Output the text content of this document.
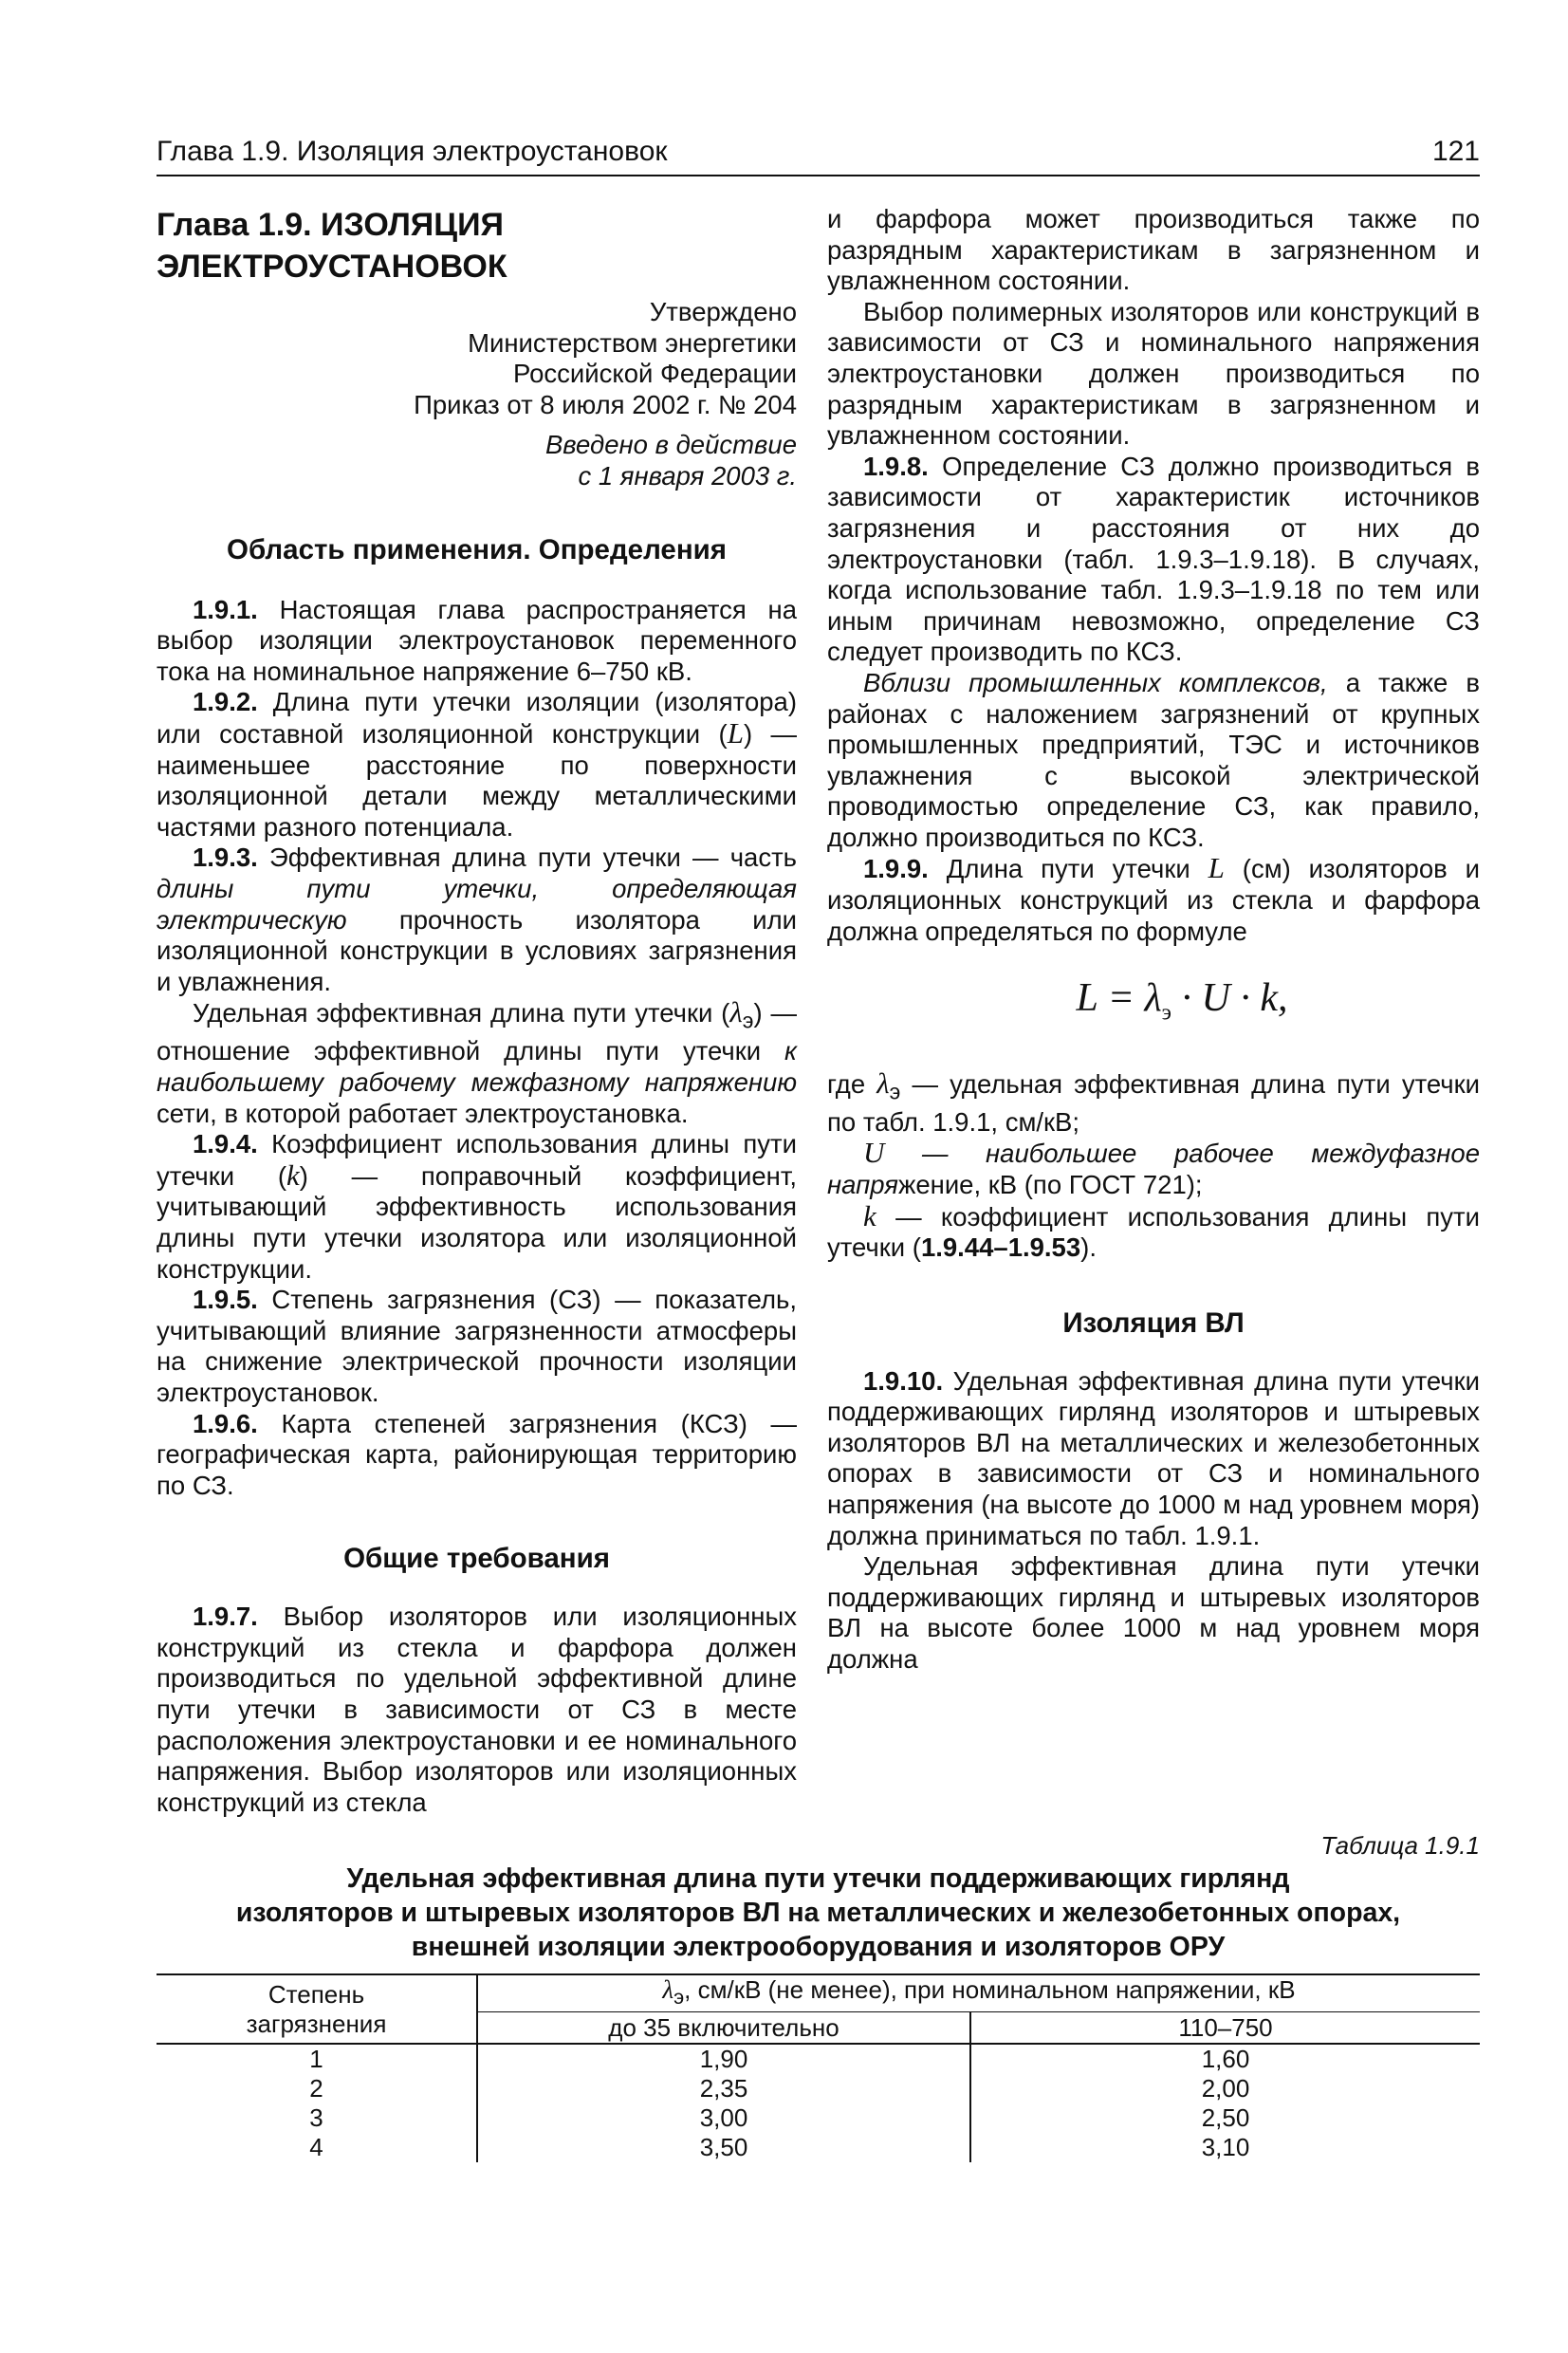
Глава 1.9. Изоляция электроустановок	121
Глава 1.9. ИЗОЛЯЦИЯ ЭЛЕКТРОУСТАНОВОК

Утверждено

Министерством энергетики

Российской Федерации

Приказ от 8 июля 2002 г. № 204

Введено в действие

с 1 января 2003 г.

Область применения. Определения

1.9.1. Настоящая глава распространяется на выбор изоляции электроустановок переменного тока на номинальное напряжение 6–750 кВ.

1.9.2. Длина пути утечки изоляции (изолятора) или составной изоляционной конструкции (L) — наименьшее расстояние по поверхности изоляционной детали между металлическими частями разного потенциала.

1.9.3. Эффективная длина пути утечки — часть длины пути утечки, определяющая электрическую прочность изолятора или изоляционной конструкции в условиях загрязнения и увлажнения.

Удельная эффективная длина пути утечки $(\lambda_э)$ — отношение эффективной длины пути утечки к наибольшему рабочему межфазному напряжению сети, в которой работает электроустановка.

1.9.4. Коэффициент использования длины пути утечки (k) — поправочный коэффициент, учитывающий эффективность использования длины пути утечки изолятора или изоляционной конструкции.

1.9.5. Степень загрязнения (СЗ) — показатель, учитывающий влияние загрязненности атмосферы на снижение электрической прочности изоляции электроустановок.

1.9.6. Карта степеней загрязнения (КСЗ) — географическая карта, районирующая территорию по СЗ.

Общие требования

1.9.7. Выбор изоляторов или изоляционных конструкций из стекла и фарфора должен производиться по удельной эффективной длине пути утечки в зависимости от СЗ в месте расположения электроустановки и ее номинального напряжения. Выбор изоляторов или изоляционных конструкций из стекла

и фарфора может производиться также по разрядным характеристикам в загрязненном и увлажненном состоянии.

Выбор полимерных изоляторов или конструкций в зависимости от СЗ и номинального напряжения электроустановки должен производиться по разрядным характеристикам в загрязненном и увлажненном состоянии.

1.9.8. Определение СЗ должно производиться в зависимости от характеристик источников загрязнения и расстояния от них до электроустановки (табл. 1.9.3–1.9.18). В случаях, когда использование табл. 1.9.3–1.9.18 по тем или иным причинам невозможно, определение СЗ следует производить по КСЗ.

Вблизи промышленных комплексов, а также в районах с наложением загрязнений от крупных промышленных предприятий, ТЭС и источников увлажнения с высокой электрической проводимостью определение СЗ, как правило, должно производиться по КСЗ.

1.9.9. Длина пути утечки L (см) изоляторов и изоляционных конструкций из стекла и фарфора должна определяться по формуле

$L = \lambda_э \cdot U \cdot k$,

где $\lambda_э$ — удельная эффективная длина пути утечки по табл. 1.9.1, см/кВ;

U — наибольшее рабочее междуфазное напряжение, кВ (по ГОСТ 721);

k — коэффициент использования длины пути утечки (1.9.44–1.9.53).

Изоляция ВЛ

1.9.10. Удельная эффективная длина пути утечки поддерживающих гирлянд изоляторов и штыревых изоляторов ВЛ на металлических и железобетонных опорах в зависимости от СЗ и номинального напряжения (на высоте до 1000 м над уровнем моря) должна приниматься по табл. 1.9.1.

Удельная эффективная длина пути утечки поддерживающих гирлянд и штыревых изоляторов ВЛ на высоте более 1000 м над уровнем моря должна

Таблица 1.9.1
Удельная эффективная длина пути утечки поддерживающих гирлянд
изоляторов и штыревых изоляторов ВЛ на металлических и железобетонных опорах,
внешней изоляции электрооборудования и изоляторов ОРУ
Степень
загрязнения	$\lambda_э$, см/кВ (не менее), при номинальном напряжении, кВ	
	до 35 включительно	110–750
1	1,90	1,60
2	2,35	2,00
3	3,00	2,50
4	3,50	3,10
